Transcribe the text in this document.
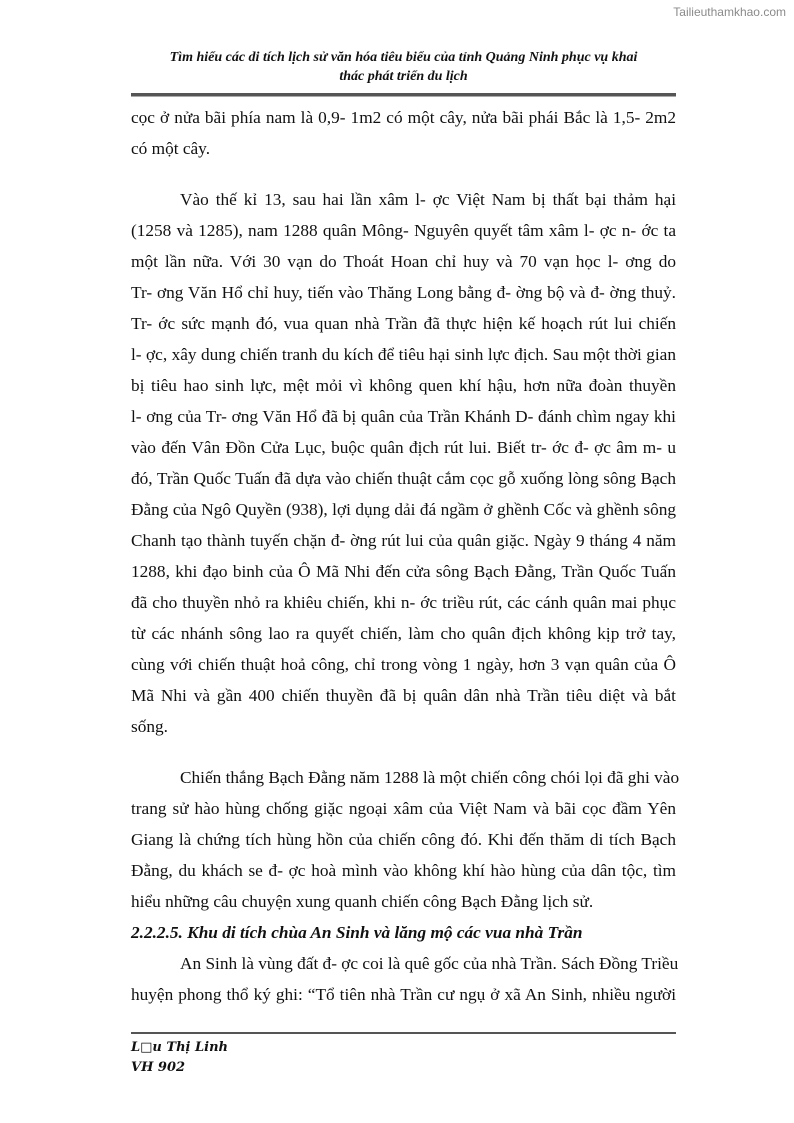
Tailieuthamkhao.com
Tìm hiểu các di tích lịch sử văn hóa tiêu biểu của tỉnh Quảng Ninh phục vụ khai
thác phát triển du lịch
cọc ở nửa bãi phía nam là 0,9- 1m2 có một cây, nửa bãi phái Bắc là 1,5- 2m2
có một cây.
Vào thế kỉ 13, sau hai lần xâm l- ợc Việt Nam bị thất bại thảm hại
(1258 và 1285), nam 1288 quân Mông- Nguyên quyết tâm xâm l- ợc n- ớc ta
một lần nữa. Với 30 vạn do Thoát Hoan chỉ huy và 70 vạn học l- ơng do
Tr- ơng Văn Hổ chỉ huy, tiến vào Thăng Long bằng đ- ờng bộ và đ- ờng thuỷ.
Tr- ớc sức mạnh đó, vua quan nhà Trần đã thực hiện kế hoạch rút lui chiến
l- ợc, xây dung chiến tranh du kích để tiêu hại sinh lực địch. Sau một thời gian
bị tiêu hao sinh lực, mệt mỏi vì không quen khí hậu, hơn nữa đoàn thuyền
l- ơng của Tr- ơng Văn Hổ đã bị quân của Trần Khánh D- đánh chìm ngay khi
vào đến Vân Đồn Cửa Lục, buộc quân địch rút lui. Biết tr- ớc đ- ợc âm m- u
đó, Trần Quốc Tuấn đã dựa vào chiến thuật cắm cọc gỗ xuống lòng sông Bạch
Đằng của Ngô Quyền (938), lợi dụng dải đá ngầm ở ghềnh Cốc và ghềnh sông
Chanh tạo thành tuyến chặn đ- ờng rút lui của quân giặc. Ngày 9 tháng 4 năm
1288, khi đạo binh của Ô Mã Nhi đến cửa sông Bạch Đằng, Trần Quốc Tuấn
đã cho thuyền nhỏ ra khiêu chiến, khi n- ớc triều rút, các cánh quân mai phục
từ các nhánh sông lao ra quyết chiến, làm cho quân địch không kịp trở tay,
cùng với chiến thuật hoả công, chỉ trong vòng 1 ngày, hơn 3 vạn quân của Ô
Mã Nhi và gần 400 chiến thuyền đã bị quân dân nhà Trần tiêu diệt và bắt
sống.
Chiến thắng Bạch Đằng năm 1288 là một chiến công chói lọi đã ghi vào
trang sử hào hùng chống giặc ngoại xâm của Việt Nam và bãi cọc đầm Yên
Giang là chứng tích hùng hồn của chiến công đó. Khi đến thăm di tích Bạch
Đằng, du khách se đ- ợc hoà mình vào không khí hào hùng của dân tộc, tìm
hiểu những câu chuyện xung quanh chiến công Bạch Đằng lịch sử.
2.2.2.5. Khu di tích chùa An Sinh và lăng mộ các vua nhà Trần
An Sinh là vùng đất đ- ợc coi là quê gốc của nhà Trần. Sách Đồng Triều
huyện phong thổ ký ghi: “Tổ tiên nhà Trần cư ngụ ở xã An Sinh, nhiều người
L□u Thị Linh
VH 902
